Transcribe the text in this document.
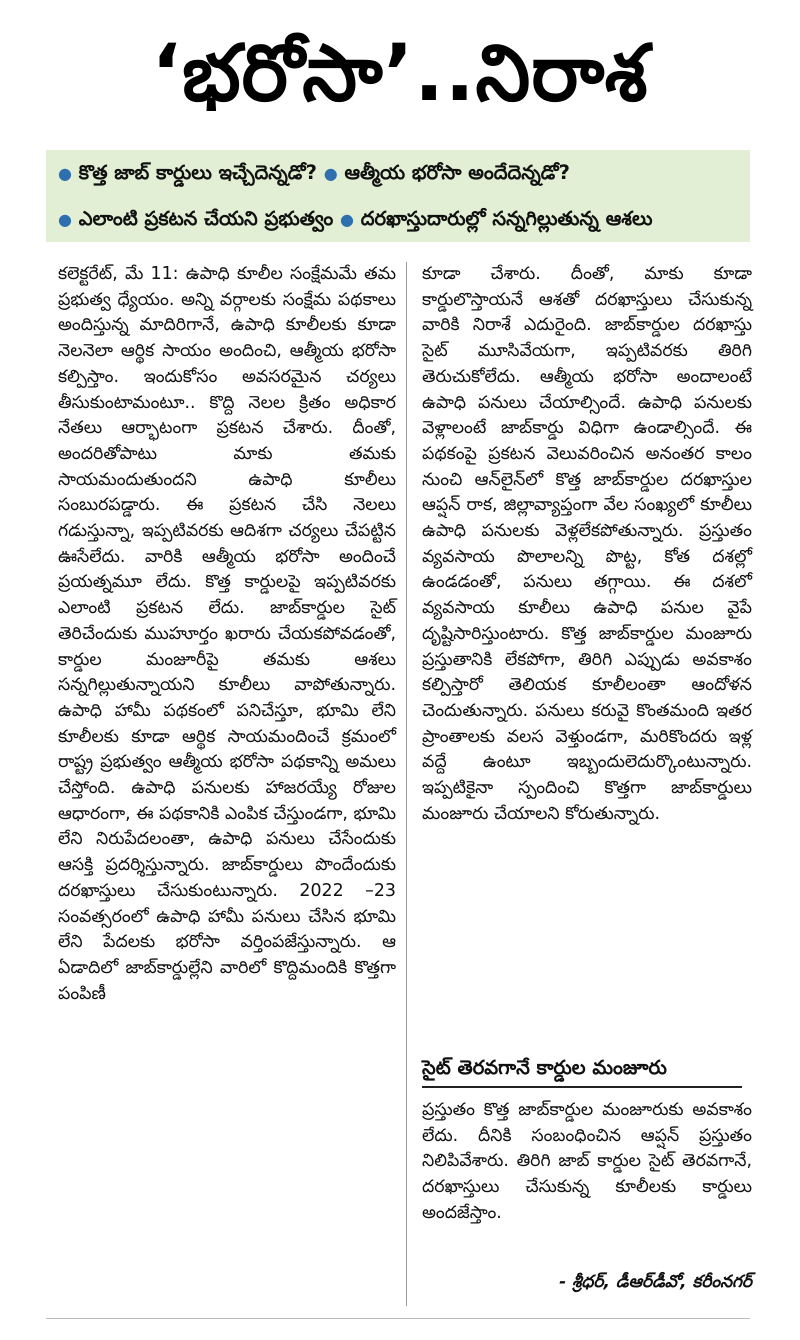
‘భరోసా’..నిరాశ
● కొత్త జాబ్ కార్డులు ఇచ్చేదెన్నడో? ● ఆత్మీయ భరోసా అందేదెన్నడో?
● ఎలాంటి ప్రకటన చేయని ప్రభుత్వం ● దరఖాస్తుదారుల్లో సన్నగిల్లుతున్న ఆశలు

కలెక్టరేట్, మే 11: ఉపాధి కూలీల సంక్షేమమే తమ ప్రభుత్వ ధ్యేయం. అన్ని వర్గాలకు సంక్షేమ పథకాలు అందిస్తున్న మాదిరిగానే, ఉపాధి కూలీలకు కూడా నెలనెలా ఆర్థిక సాయం అందించి, ఆత్మీయ భరోసా కల్పిస్తాం. ఇందుకోసం అవసరమైన చర్యలు తీసుకుంటామంటూ.. కొద్ది నెలల క్రితం అధికార నేతలు ఆర్భాటంగా ప్రకటన చేశారు. దీంతో, అందరితోపాటు మాకు తమకు సాయమందుతుందని ఉపాధి కూలీలు సంబురపడ్డారు. ఈ ప్రకటన చేసి నెలలు గడుస్తున్నా, ఇప్పటివరకు ఆదిశగా చర్యలు చేపట్టిన ఊసేలేదు. వారికి ఆత్మీయ భరోసా అందించే ప్రయత్నమూ లేదు. కొత్త కార్డులపై ఇప్పటివరకు ఎలాంటి ప్రకటన లేదు. జాబ్‌కార్డుల సైట్ తెరిచేందుకు ముహూర్తం ఖరారు చేయకపోవడంతో, కార్డుల మంజూరీపై తమకు ఆశలు సన్నగిల్లుతున్నాయని కూలీలు వాపోతున్నారు. ఉపాధి హామీ పథకంలో పనిచేస్తూ, భూమి లేని కూలీలకు కూడా ఆర్థిక సాయమందించే క్రమంలో రాష్ట్ర ప్రభుత్వం ఆత్మీయ భరోసా పథకాన్ని అమలు చేస్తోంది. ఉపాధి పనులకు హాజరయ్యే రోజుల ఆధారంగా, ఈ పథకానికి ఎంపిక చేస్తుండగా, భూమి లేని నిరుపేదలంతా, ఉపాధి పనులు చేసేందుకు ఆసక్తి ప్రదర్శిస్తున్నారు. జాబ్‌కార్డులు పొందేందుకు దరఖాస్తులు చేసుకుంటున్నారు. 2022 –23 సంవత్సరంలో ఉపాధి హామీ పనులు చేసిన భూమి లేని పేదలకు భరోసా వర్తింపజేస్తున్నారు. ఆ ఏడాదిలో జాబ్‌కార్డుల్లేని వారిలో కొద్దిమందికి కొత్తగా పంపిణీ

కూడా చేశారు. దీంతో, మాకు కూడా కార్డులొస్తాయనే ఆశతో దరఖాస్తులు చేసుకున్న వారికి నిరాశే ఎదురైంది. జాబ్‌కార్డుల దరఖాస్తు సైట్ మూసివేయగా, ఇప్పటివరకు తిరిగి తెరుచుకోలేదు. ఆత్మీయ భరోసా అందాలంటే ఉపాధి పనులు చేయాల్సిందే. ఉపాధి పనులకు వెళ్లాలంటే జాబ్‌కార్డు విధిగా ఉండాల్సిందే. ఈ పథకంపై ప్రకటన వెలువరించిన అనంతర కాలం నుంచి ఆన్‌లైన్‌లో కొత్త జాబ్‌కార్డుల దరఖాస్తుల ఆప్షన్ రాక, జిల్లావ్యాప్తంగా వేల సంఖ్యలో కూలీలు ఉపాధి పనులకు వెళ్లలేకపోతున్నారు. ప్రస్తుతం వ్యవసాయ పొలాలన్ని పొట్ట, కోత దశల్లో ఉండడంతో, పనులు తగ్గాయి. ఈ దశలో వ్యవసాయ కూలీలు ఉపాధి పనుల వైపే దృష్టిసారిస్తుంటారు. కొత్త జాబ్‌కార్డుల మంజూరు ప్రస్తుతానికి లేకపోగా, తిరిగి ఎప్పుడు అవకాశం కల్పిస్తారో తెలియక కూలీలంతా ఆందోళన చెందుతున్నారు. పనులు కరువై కొంతమంది ఇతర ప్రాంతాలకు వలస వెళ్తుండగా, మరికొందరు ఇళ్ల వద్దే ఉంటూ ఇబ్బందులెదుర్కొంటున్నారు. ఇప్పటికైనా స్పందించి కొత్తగా జాబ్‌కార్డులు మంజూరు చేయాలని కోరుతున్నారు.

సైట్ తెరవగానే కార్డుల మంజూరు

ప్రస్తుతం కొత్త జాబ్‌కార్డుల మంజూరుకు అవకాశం లేదు. దీనికి సంబంధించిన ఆప్షన్ ప్రస్తుతం నిలిపివేశారు. తిరిగి జాబ్ కార్డుల సైట్ తెరవగానే, దరఖాస్తులు చేసుకున్న కూలీలకు కార్డులు అందజేస్తాం.

- శ్రీధర్, డీఆర్‌డీవో, కరీంనగర్
